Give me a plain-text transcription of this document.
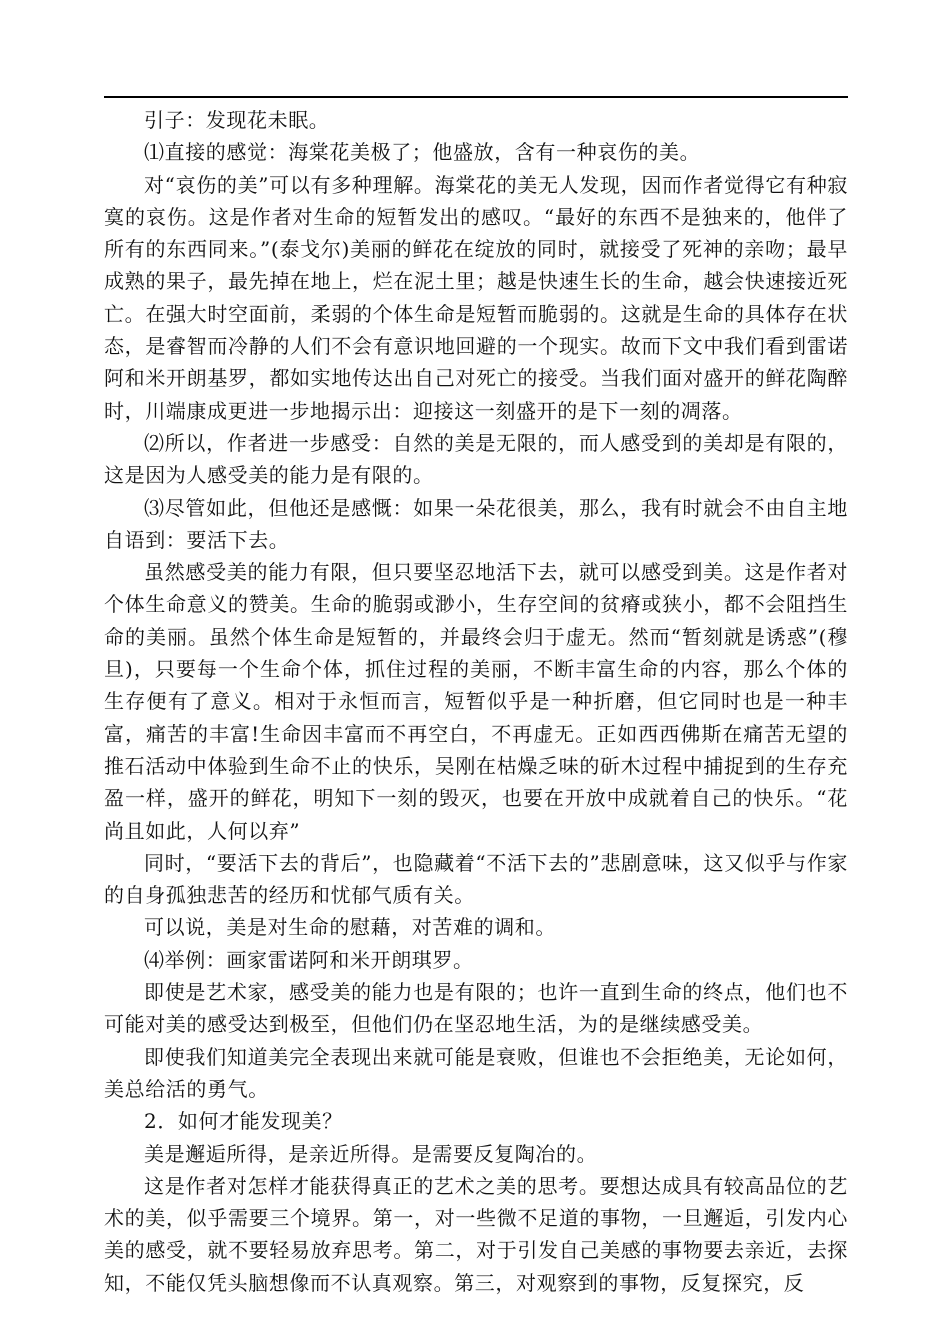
引子：发现花未眠。

⑴直接的感觉：海棠花美极了；他盛放，含有一种哀伤的美。

对“哀伤的美”可以有多种理解。海棠花的美无人发现，因而作者觉得它有种寂寞的哀伤。这是作者对生命的短暂发出的感叹。“最好的东西不是独来的，他伴了所有的东西同来。”(泰戈尔)美丽的鲜花在绽放的同时，就接受了死神的亲吻；最早成熟的果子，最先掉在地上，烂在泥土里；越是快速生长的生命，越会快速接近死亡。在强大时空面前，柔弱的个体生命是短暂而脆弱的。这就是生命的具体存在状态，是睿智而冷静的人们不会有意识地回避的一个现实。故而下文中我们看到雷诺阿和米开朗基罗，都如实地传达出自己对死亡的接受。当我们面对盛开的鲜花陶醉时，川端康成更进一步地揭示出：迎接这一刻盛开的是下一刻的凋落。

⑵所以，作者进一步感受：自然的美是无限的，而人感受到的美却是有限的，这是因为人感受美的能力是有限的。

⑶尽管如此，但他还是感慨：如果一朵花很美，那么，我有时就会不由自主地自语到：要活下去。

虽然感受美的能力有限，但只要坚忍地活下去，就可以感受到美。这是作者对个体生命意义的赞美。生命的脆弱或渺小，生存空间的贫瘠或狭小，都不会阻挡生命的美丽。虽然个体生命是短暂的，并最终会归于虚无。然而“暂刻就是诱惑”(穆旦)，只要每一个生命个体，抓住过程的美丽，不断丰富生命的内容，那么个体的生存便有了意义。相对于永恒而言，短暂似乎是一种折磨，但它同时也是一种丰富，痛苦的丰富!生命因丰富而不再空白，不再虚无。正如西西佛斯在痛苦无望的推石活动中体验到生命不止的快乐，吴刚在枯燥乏味的斫木过程中捕捉到的生存充盈一样，盛开的鲜花，明知下一刻的毁灭，也要在开放中成就着自己的快乐。“花尚且如此，人何以弃”

同时，“要活下去的背后”，也隐藏着“不活下去的”悲剧意味，这又似乎与作家的自身孤独悲苦的经历和忧郁气质有关。

可以说，美是对生命的慰藉，对苦难的调和。

⑷举例：画家雷诺阿和米开朗琪罗。

即使是艺术家，感受美的能力也是有限的；也许一直到生命的终点，他们也不可能对美的感受达到极至，但他们仍在坚忍地生活，为的是继续感受美。

即使我们知道美完全表现出来就可能是衰败，但谁也不会拒绝美，无论如何，美总给活的勇气。

2．如何才能发现美？

美是邂逅所得，是亲近所得。是需要反复陶冶的。

这是作者对怎样才能获得真正的艺术之美的思考。要想达成具有较高品位的艺术的美，似乎需要三个境界。第一，对一些微不足道的事物，一旦邂逅，引发内心美的感受，就不要轻易放弃思考。第二，对于引发自己美感的事物要去亲近，去探知，不能仅凭头脑想像而不认真观察。第三，对观察到的事物，反复探究，反
